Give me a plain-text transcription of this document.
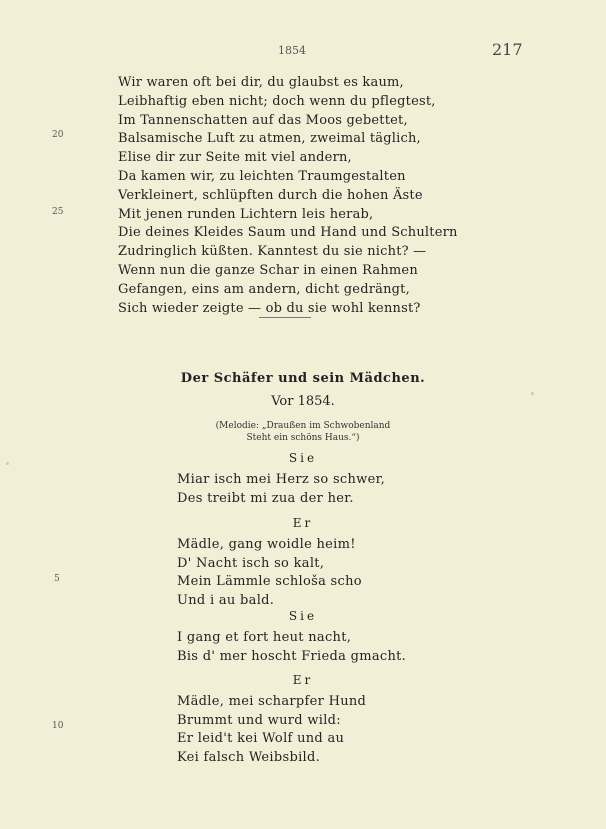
1854	217
Wir waren oft bei dir, du glaubst es kaum,
Leibhaftig eben nicht; doch wenn du pflegtest,
Im Tannenschatten auf das Moos gebettet,
Balsamische Luft zu atmen, zweimal täglich,
Elise dir zur Seite mit viel andern,
Da kamen wir, zu leichten Traumgestalten
Verkleinert, schlüpften durch die hohen Äste
Mit jenen runden Lichtern leis herab,
Die deines Kleides Saum und Hand und Schultern
Zudringlich küßten. Kanntest du sie nicht? —
Wenn nun die ganze Schar in einen Rahmen
Gefangen, eins am andern, dicht gedrängt,
Sich wieder zeigte — ob du sie wohl kennst?
20
25
Der Schäfer und sein Mädchen.
Vor 1854.
(Melodie: „Draußen im Schwobenland
Steht ein schöns Haus.“)
Sie
Miar isch mei Herz so schwer,
Des treibt mi zua der her.
Er
Mädle, gang woidle heim!
D' Nacht isch so kalt,
Mein Lämmle schloša scho
Und i au bald.
Sie
I gang et fort heut nacht,
Bis d' mer hoscht Frieda gmacht.
Er
Mädle, mei scharpfer Hund
Brummt und wurd wild:
Er leid't kei Wolf und au
Kei falsch Weibsbild.
5
10
